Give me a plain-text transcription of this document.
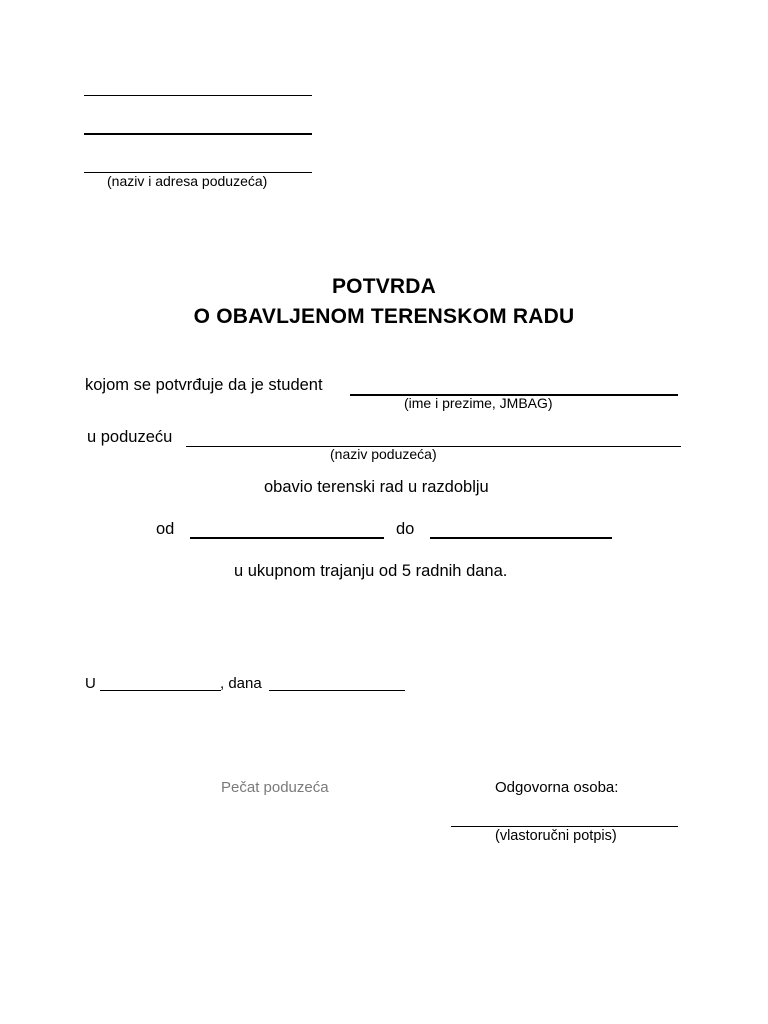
(naziv i adresa poduzeća)
POTVRDA
O OBAVLJENOM TERENSKOM RADU
kojom se potvrđuje da je student
(ime i prezime, JMBAG)
u poduzeću
(naziv poduzeća)
obavio terenski rad u razdoblju
od	do
u ukupnom trajanju od 5 radnih dana.
U	, dana
Pečat poduzeća	Odgovorna osoba:
(vlastoručni potpis)
